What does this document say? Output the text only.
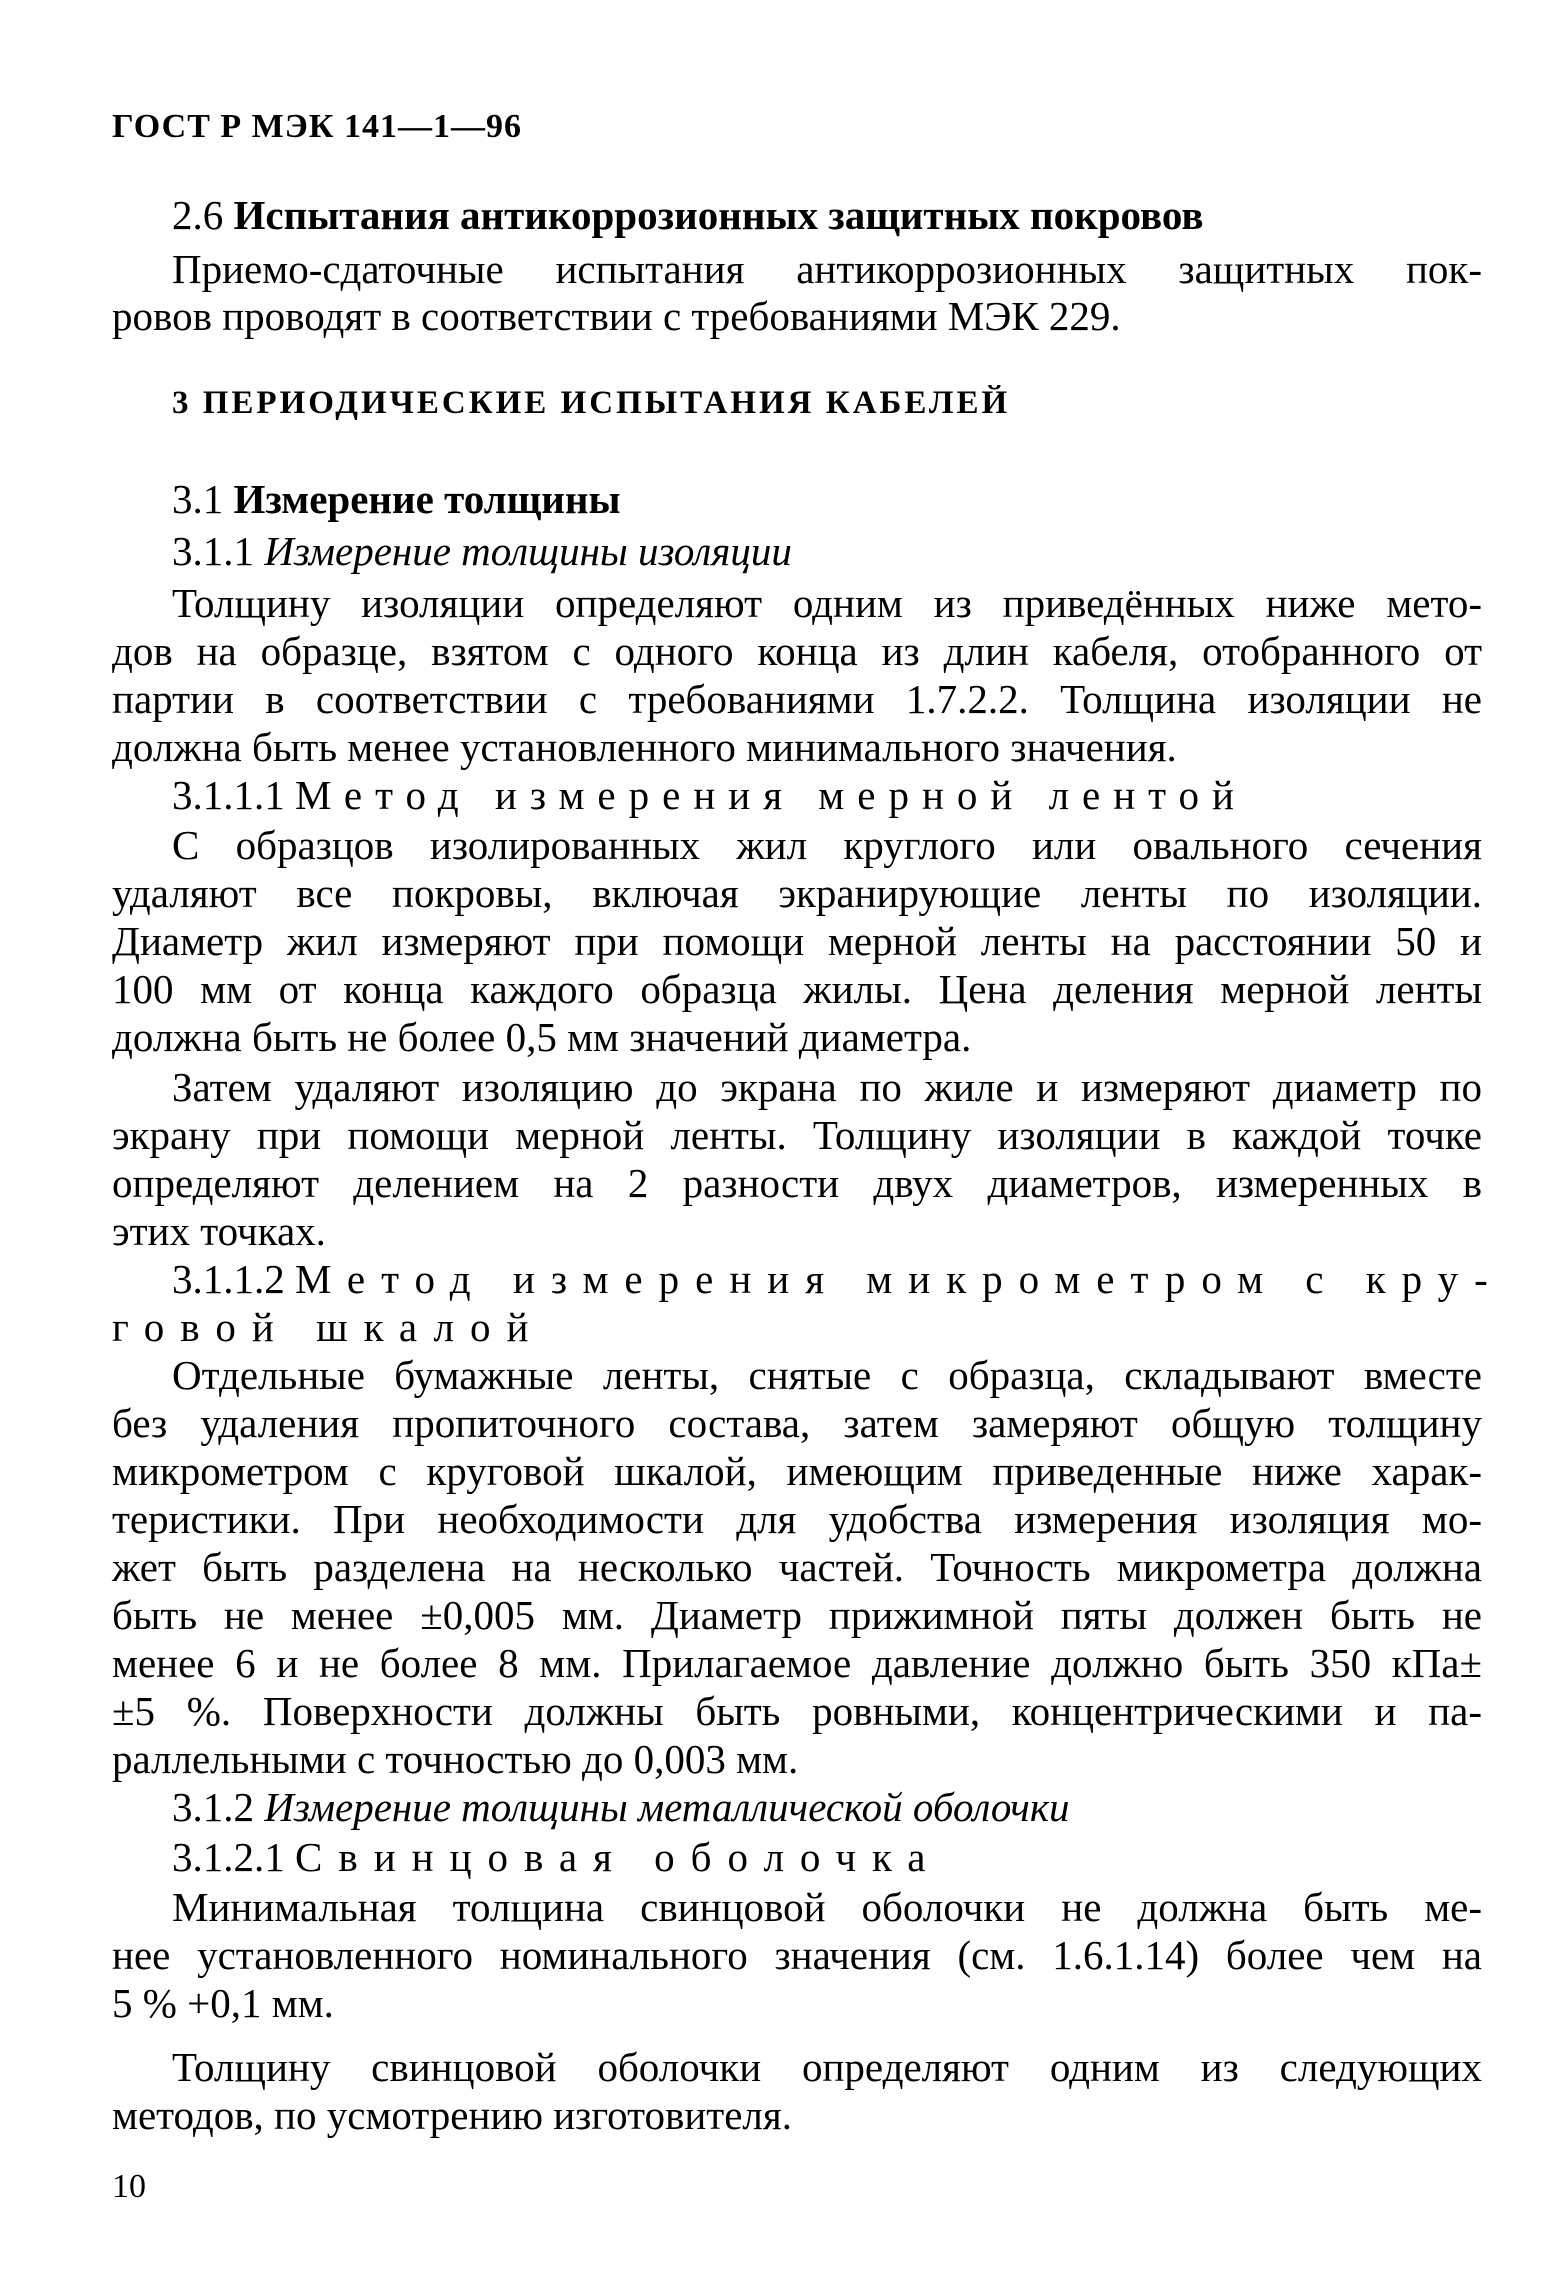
ГОСТ Р МЭК 141—1—96
2.6 Испытания антикоррозионных защитных покровов
Приемо-сдаточные испытания антикоррозионных защитных пок-
ровов проводят в соответствии с требованиями МЭК 229.
3 ПЕРИОДИЧЕСКИЕ ИСПЫТАНИЯ КАБЕЛЕЙ
3.1 Измерение толщины
3.1.1 Измерение толщины изоляции
Толщину изоляции определяют одним из приведённых ниже мето-
дов на образце, взятом с одного конца из длин кабеля, отобранного от
партии в соответствии с требованиями 1.7.2.2. Толщина изоляции не
должна быть менее установленного минимального значения.
3.1.1.1 Метод измерения мерной лентой
С образцов изолированных жил круглого или овального сечения
удаляют все покровы, включая экранирующие ленты по изоляции.
Диаметр жил измеряют при помощи мерной ленты на расстоянии 50 и
100 мм от конца каждого образца жилы. Цена деления мерной ленты
должна быть не более 0,5 мм значений диаметра.
Затем удаляют изоляцию до экрана по жиле и измеряют диаметр по
экрану при помощи мерной ленты. Толщину изоляции в каждой точке
определяют делением на 2 разности двух диаметров, измеренных в
этих точках.
3.1.1.2 Метод измерения микрометром с кру-
говой шкалой
Отдельные бумажные ленты, снятые с образца, складывают вместе
без удаления пропиточного состава, затем замеряют общую толщину
микрометром с круговой шкалой, имеющим приведенные ниже харак-
теристики. При необходимости для удобства измерения изоляция мо-
жет быть разделена на несколько частей. Точность микрометра должна
быть не менее ±0,005 мм. Диаметр прижимной пяты должен быть не
менее 6 и не более 8 мм. Прилагаемое давление должно быть 350 кПа±
±5 %. Поверхности должны быть ровными, концентрическими и па-
раллельными с точностью до 0,003 мм.
3.1.2 Измерение толщины металлической оболочки
3.1.2.1 Свинцовая оболочка
Минимальная толщина свинцовой оболочки не должна быть ме-
нее установленного номинального значения (см. 1.6.1.14) более чем на
5 % +0,1 мм.
Толщину свинцовой оболочки определяют одним из следующих
методов, по усмотрению изготовителя.
10
